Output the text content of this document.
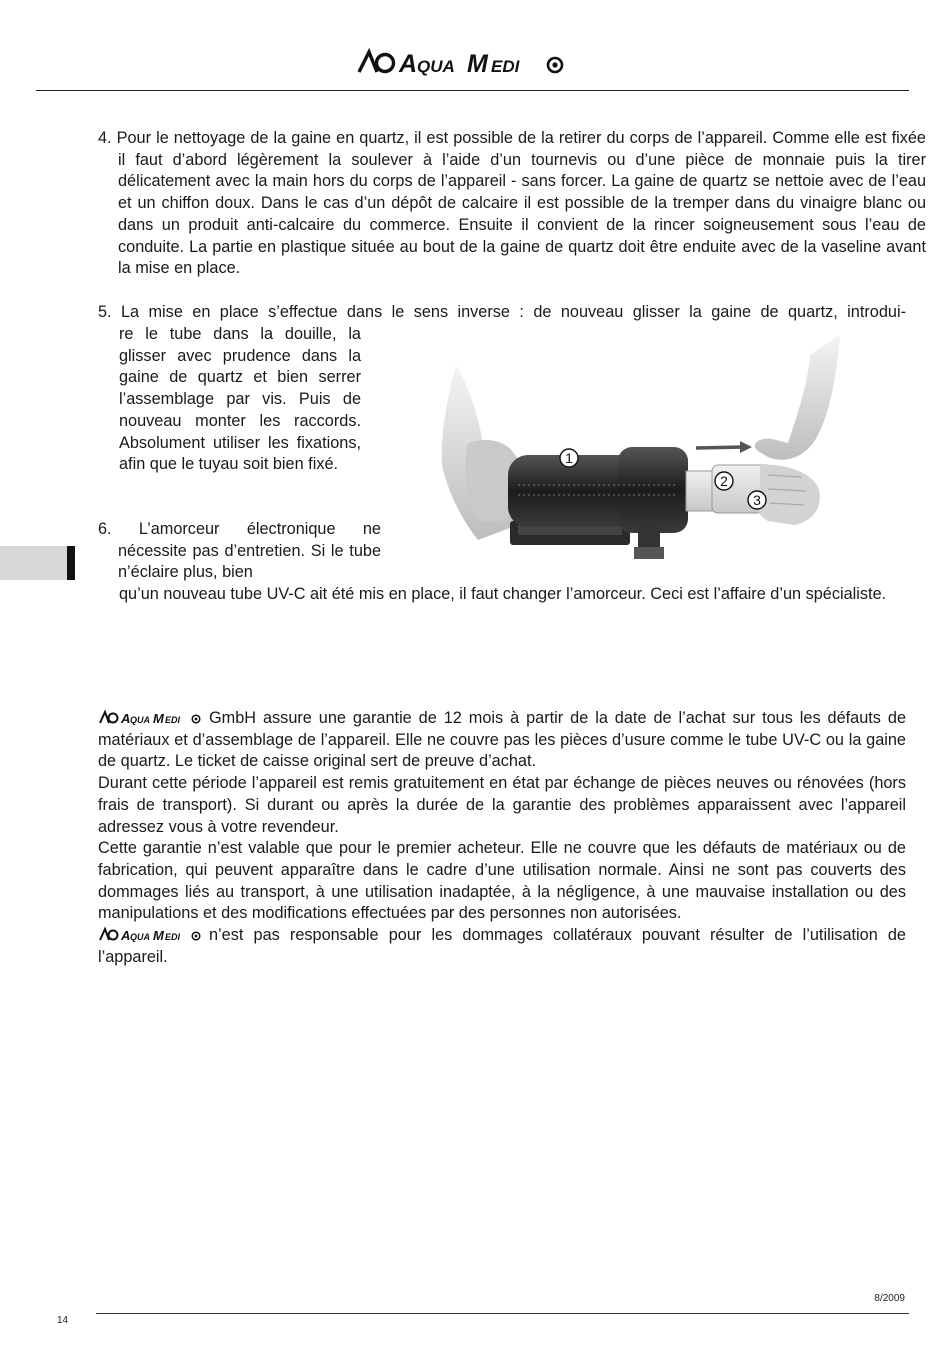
A QUA M EDI
4. Pour le nettoyage de la gaine en quartz, il est possible de la retirer du corps de l’appareil. Comme elle est fixée il faut d’abord légèrement la soulever à l’aide d’un tournevis ou d’une pièce de monnaie puis la tirer délicatement avec la main hors du corps de l’appareil - sans forcer. La gaine de quartz se nettoie avec de l’eau et un chiffon doux. Dans le cas d’un dépôt de calcaire il est possible de la tremper dans du vinaigre blanc ou dans un produit anti-calcaire du commerce. Ensuite il convient de la rincer soigneusement sous l’eau de conduite. La partie en plastique située au bout de la gaine de quartz doit être enduite avec de la vaseline avant la mise en place.
5. La mise en place s’effectue dans le sens inverse : de nouveau glisser la gaine de quartz, introdui-
re le tube dans la douille, la glisser avec prudence dans la gaine de quartz et bien serrer l’assemblage par vis. Puis de nouveau monter les raccords. Absolument utiliser les fixations, afin que le tuyau soit bien fixé.
6. L’amorceur électronique ne nécessite pas d’entretien. Si le tube n’éclaire plus, bien
qu’un nouveau tube UV-C ait été mis en place, il faut changer l’amorceur. Ceci est l’affaire d’un spécialiste.
1
2
3

A QUA M EDI GmbH assure une garantie de 12 mois à partir de la date de l’achat sur tous les défauts de matériaux et d’assemblage de l’appareil. Elle ne couvre pas les pièces d’usure comme le tube UV-C ou la gaine de quartz. Le ticket de caisse original sert de preuve d’achat.

Durant cette période l’appareil est remis gratuitement en état par échange de pièces neuves ou rénovées (hors frais de transport). Si durant ou après la durée de la garantie des problèmes apparaissent avec l’appareil adressez vous à votre revendeur.

Cette garantie n’est valable que pour le premier acheteur. Elle ne couvre que les défauts de matériaux ou de fabrication, qui peuvent apparaître dans le cadre d’une utilisation normale. Ainsi ne sont pas couverts des dommages liés au transport, à une utilisation inadaptée, à la négligence, à une mauvaise installation ou des manipulations et des modifications effectuées par des personnes non autorisées.

A QUA M EDI n’est pas responsable pour les dommages collatéraux pouvant résulter de l’utilisation de l’appareil.

8/2009
14
